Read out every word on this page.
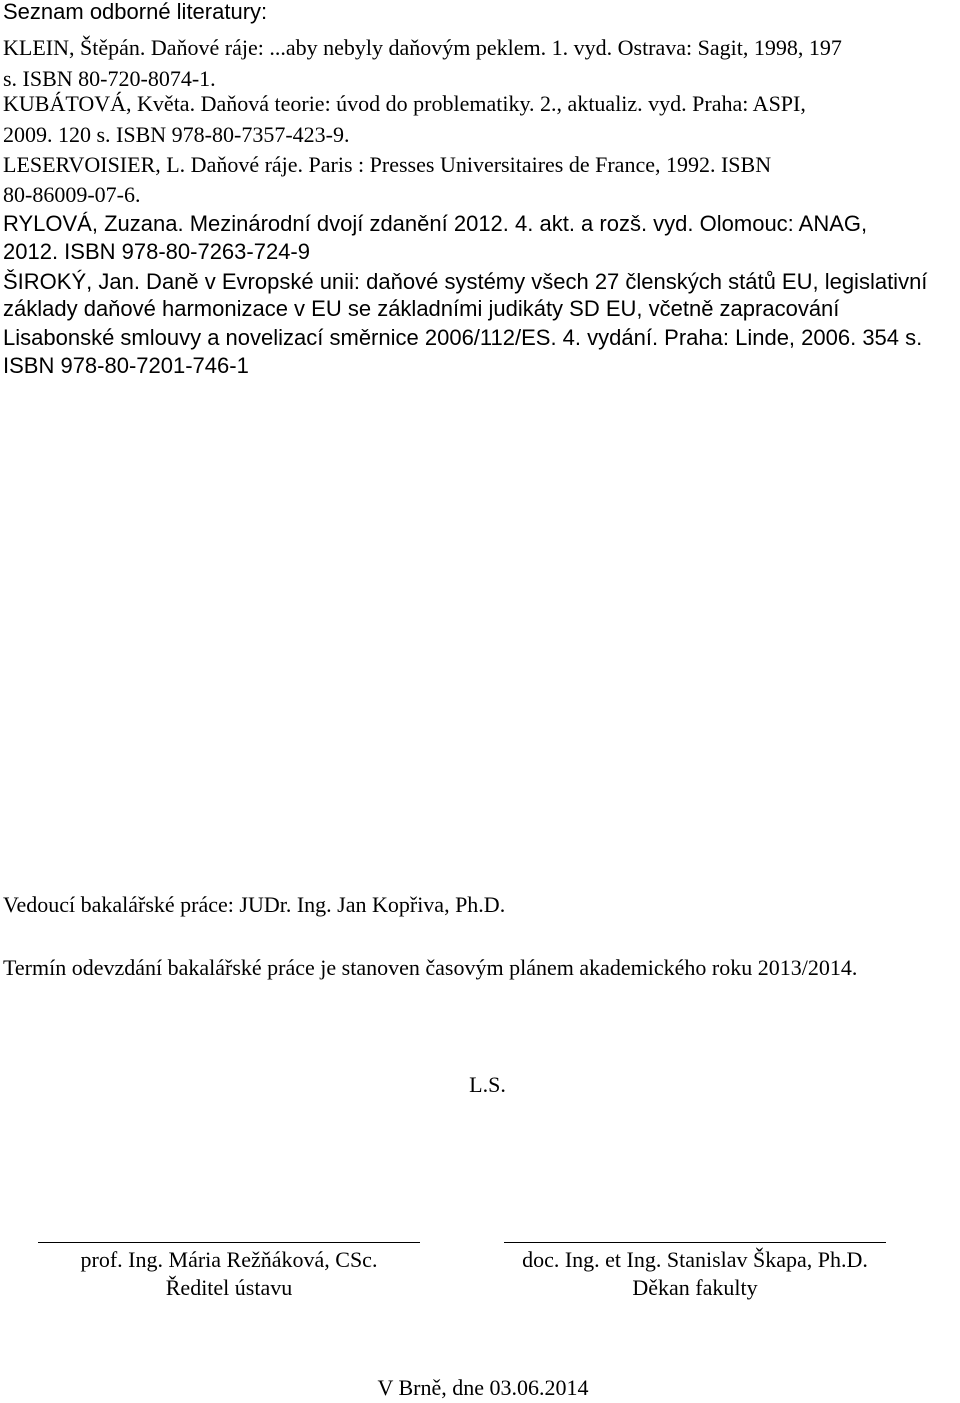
Seznam odborné literatury:
KLEIN, Štěpán. Daňové ráje: ...aby nebyly daňovým peklem. 1. vyd. Ostrava: Sagit, 1998, 197
s. ISBN 80-720-8074-1.
KUBÁTOVÁ, Květa. Daňová teorie: úvod do problematiky. 2., aktualiz. vyd. Praha: ASPI,
2009. 120 s. ISBN 978-80-7357-423-9.
LESERVOISIER, L. Daňové ráje. Paris : Presses Universitaires de France, 1992. ISBN
80-86009-07-6.
RYLOVÁ, Zuzana. Mezinárodní dvojí zdanění 2012. 4. akt. a rozš. vyd. Olomouc: ANAG,
2012. ISBN 978-80-7263-724-9
ŠIROKÝ, Jan. Daně v Evropské unii: daňové systémy všech 27 členských států EU, legislativní
základy daňové harmonizace v EU se základními judikáty SD EU, včetně zapracování
Lisabonské smlouvy a novelizací směrnice 2006/112/ES. 4. vydání. Praha: Linde, 2006. 354 s.
ISBN 978-80-7201-746-1
Vedoucí bakalářské práce: JUDr. Ing. Jan Kopřiva, Ph.D.
Termín odevzdání bakalářské práce je stanoven časovým plánem akademického roku 2013/2014.
L.S.
prof. Ing. Mária Režňáková, CSc.
Ředitel ústavu
doc. Ing. et Ing. Stanislav Škapa, Ph.D.
Děkan fakulty
V Brně, dne 03.06.2014
